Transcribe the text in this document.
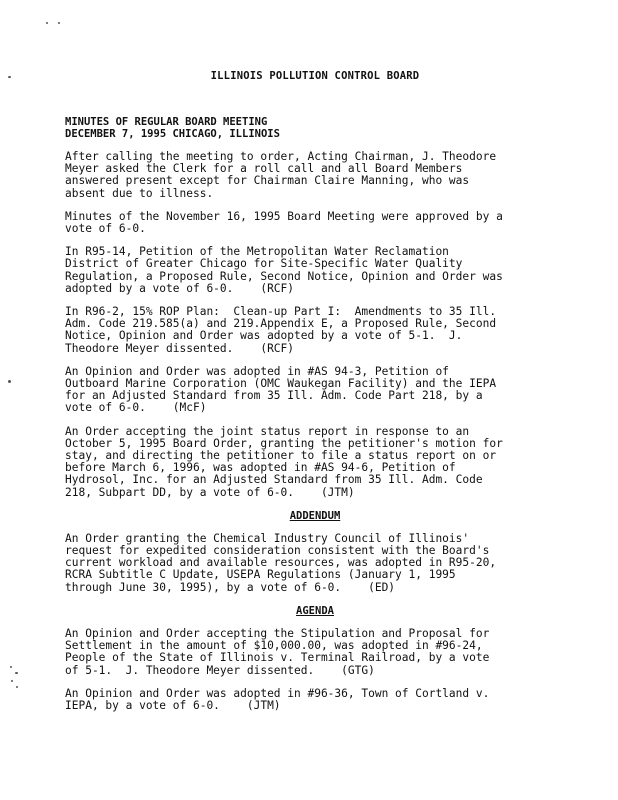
ILLINOIS POLLUTION CONTROL BOARD
MINUTES OF REGULAR BOARD MEETING
DECEMBER 7, 1995 CHICAGO, ILLINOIS
After calling the meeting to order, Acting Chairman, J. Theodore
Meyer asked the Clerk for a roll call and all Board Members
answered present except for Chairman Claire Manning, who was
absent due to illness.
Minutes of the November 16, 1995 Board Meeting were approved by a
vote of 6-0.
In R95-14, Petition of the Metropolitan Water Reclamation
District of Greater Chicago for Site-Specific Water Quality
Regulation, a Proposed Rule, Second Notice, Opinion and Order was
adopted by a vote of 6-0.    (RCF)
In R96-2, 15% ROP Plan:  Clean-up Part I:  Amendments to 35 Ill.
Adm. Code 219.585(a) and 219.Appendix E, a Proposed Rule, Second
Notice, Opinion and Order was adopted by a vote of 5-1.  J.
Theodore Meyer dissented.    (RCF)
An Opinion and Order was adopted in #AS 94-3, Petition of
Outboard Marine Corporation (OMC Waukegan Facility) and the IEPA
for an Adjusted Standard from 35 Ill. Adm. Code Part 218, by a
vote of 6-0.    (McF)
An Order accepting the joint status report in response to an
October 5, 1995 Board Order, granting the petitioner's motion for
stay, and directing the petitioner to file a status report on or
before March 6, 1996, was adopted in #AS 94-6, Petition of
Hydrosol, Inc. for an Adjusted Standard from 35 Ill. Adm. Code
218, Subpart DD, by a vote of 6-0.    (JTM)
ADDENDUM
An Order granting the Chemical Industry Council of Illinois'
request for expedited consideration consistent with the Board's
current workload and available resources, was adopted in R95-20,
RCRA Subtitle C Update, USEPA Regulations (January 1, 1995
through June 30, 1995), by a vote of 6-0.    (ED)
AGENDA
An Opinion and Order accepting the Stipulation and Proposal for
Settlement in the amount of $10,000.00, was adopted in #96-24,
People of the State of Illinois v. Terminal Railroad, by a vote
of 5-1.  J. Theodore Meyer dissented.    (GTG)
An Opinion and Order was adopted in #96-36, Town of Cortland v.
IEPA, by a vote of 6-0.    (JTM)
